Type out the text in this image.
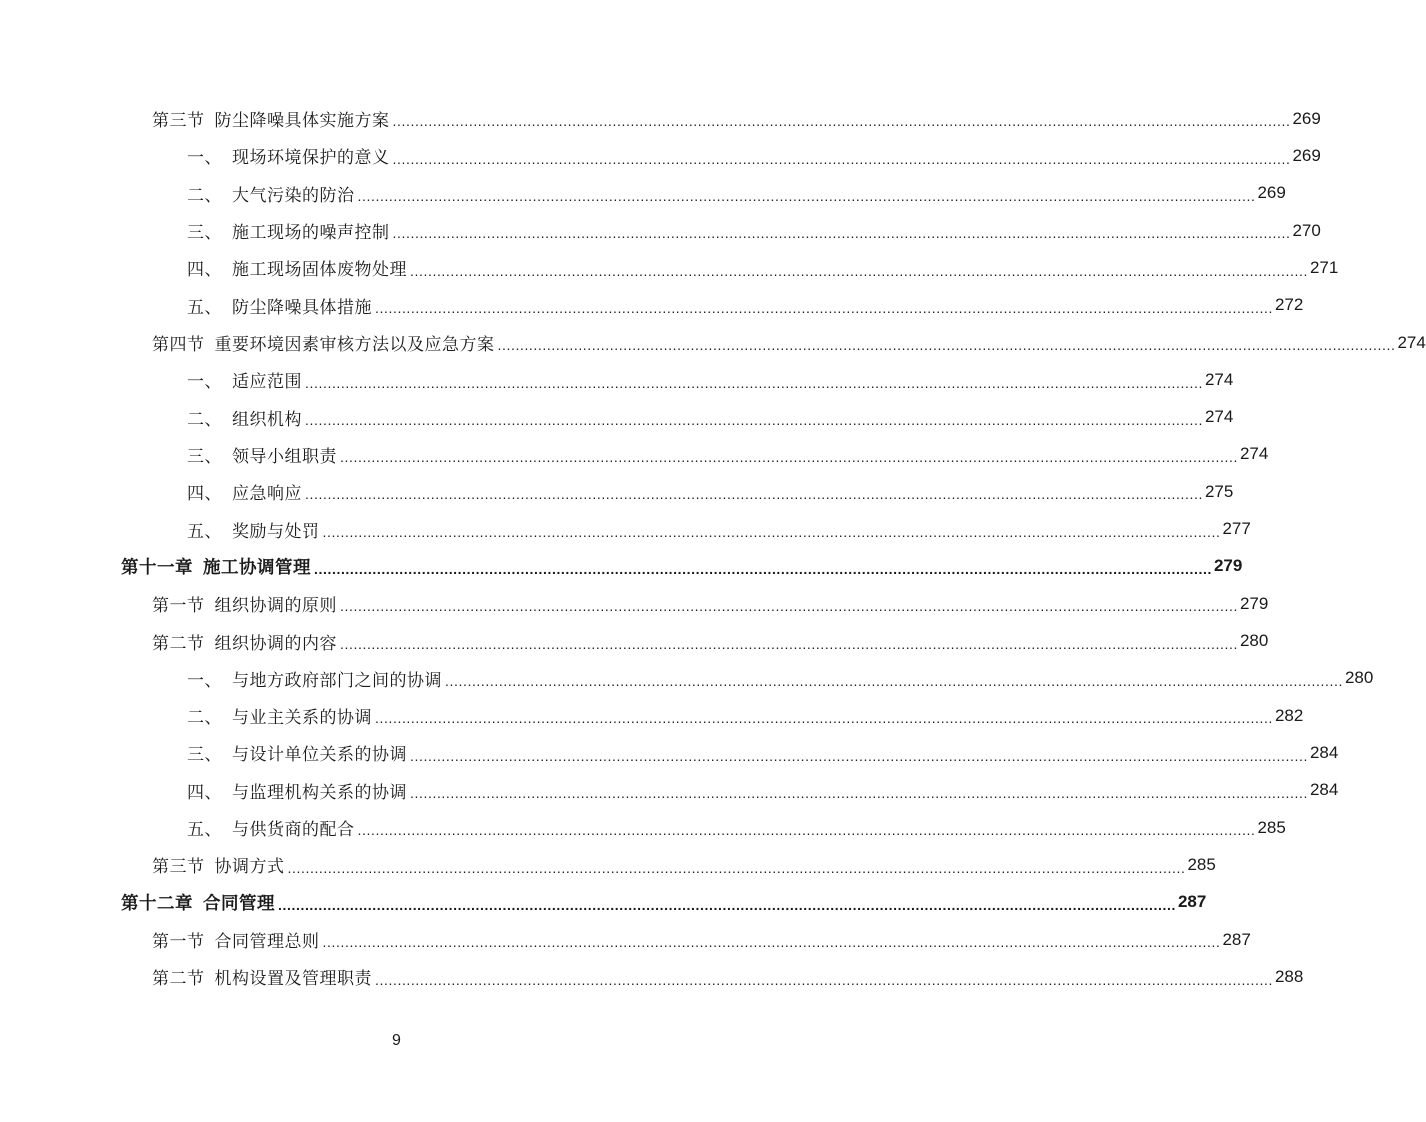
第三节 防尘降噪具体实施方案 ........................................................................................................................................................................................................ 269
一、 现场环境保护的意义 ........................................................................................................................................................................................................ 269
二、 大气污染的防治 ........................................................................................................................................................................................................ 269
三、 施工现场的噪声控制 ........................................................................................................................................................................................................ 270
四、 施工现场固体废物处理 ........................................................................................................................................................................................................ 271
五、 防尘降噪具体措施 ........................................................................................................................................................................................................ 272
第四节 重要环境因素审核方法以及应急方案 ........................................................................................................................................................................................................ 274
一、 适应范围 ........................................................................................................................................................................................................ 274
二、 组织机构 ........................................................................................................................................................................................................ 274
三、 领导小组职责 ........................................................................................................................................................................................................ 274
四、 应急响应 ........................................................................................................................................................................................................ 275
五、 奖励与处罚 ........................................................................................................................................................................................................ 277
第十一章 施工协调管理 ........................................................................................................................................................................................................ 279
第一节 组织协调的原则 ........................................................................................................................................................................................................ 279
第二节 组织协调的内容 ........................................................................................................................................................................................................ 280
一、 与地方政府部门之间的协调 ........................................................................................................................................................................................................ 280
二、 与业主关系的协调 ........................................................................................................................................................................................................ 282
三、 与设计单位关系的协调 ........................................................................................................................................................................................................ 284
四、 与监理机构关系的协调 ........................................................................................................................................................................................................ 284
五、 与供货商的配合 ........................................................................................................................................................................................................ 285
第三节 协调方式 ........................................................................................................................................................................................................ 285
第十二章 合同管理 ........................................................................................................................................................................................................ 287
第一节 合同管理总则 ........................................................................................................................................................................................................ 287
第二节 机构设置及管理职责 ........................................................................................................................................................................................................ 288
9
